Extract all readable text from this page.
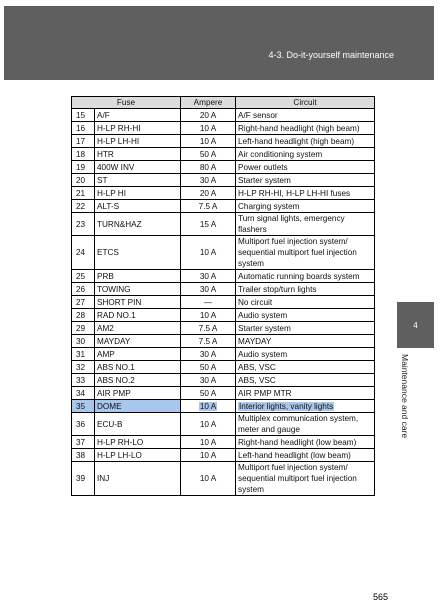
4-3. Do-it-yourself maintenance
Fuse		Ampere	Circuit
15	A/F	20 A	A/F sensor
16	H-LP RH-HI	10 A	Right-hand headlight (high beam)
17	H-LP LH-HI	10 A	Left-hand headlight (high beam)
18	HTR	50 A	Air conditioning system
19	400W INV	80 A	Power outlets
20	ST	30 A	Starter system
21	H-LP HI	20 A	H-LP RH-HI, H-LP LH-HI fuses
22	ALT-S	7.5 A	Charging system
23	TURN&HAZ	15 A	Turn signal lights, emergency flashers
24	ETCS	10 A	Multiport fuel injection system/ sequential multiport fuel injection system
25	PRB	30 A	Automatic running boards system
26	TOWING	30 A	Trailer stop/turn lights
27	SHORT PIN	—	No circuit
28	RAD NO.1	10 A	Audio system
29	AM2	7.5 A	Starter system
30	MAYDAY	7.5 A	MAYDAY
31	AMP	30 A	Audio system
32	ABS NO.1	50 A	ABS, VSC
33	ABS NO.2	30 A	ABS, VSC
34	AIR PMP	50 A	AIR PMP MTR
35	DOME	10 A	Interior lights, vanity lights
36	ECU-B	10 A	Multiplex communication system, meter and gauge
37	H-LP RH-LO	10 A	Right-hand headlight (low beam)
38	H-LP LH-LO	10 A	Left-hand headlight (low beam)
39	INJ	10 A	Multiport fuel injection system/ sequential multiport fuel injection system
4
Maintenance and care
565
